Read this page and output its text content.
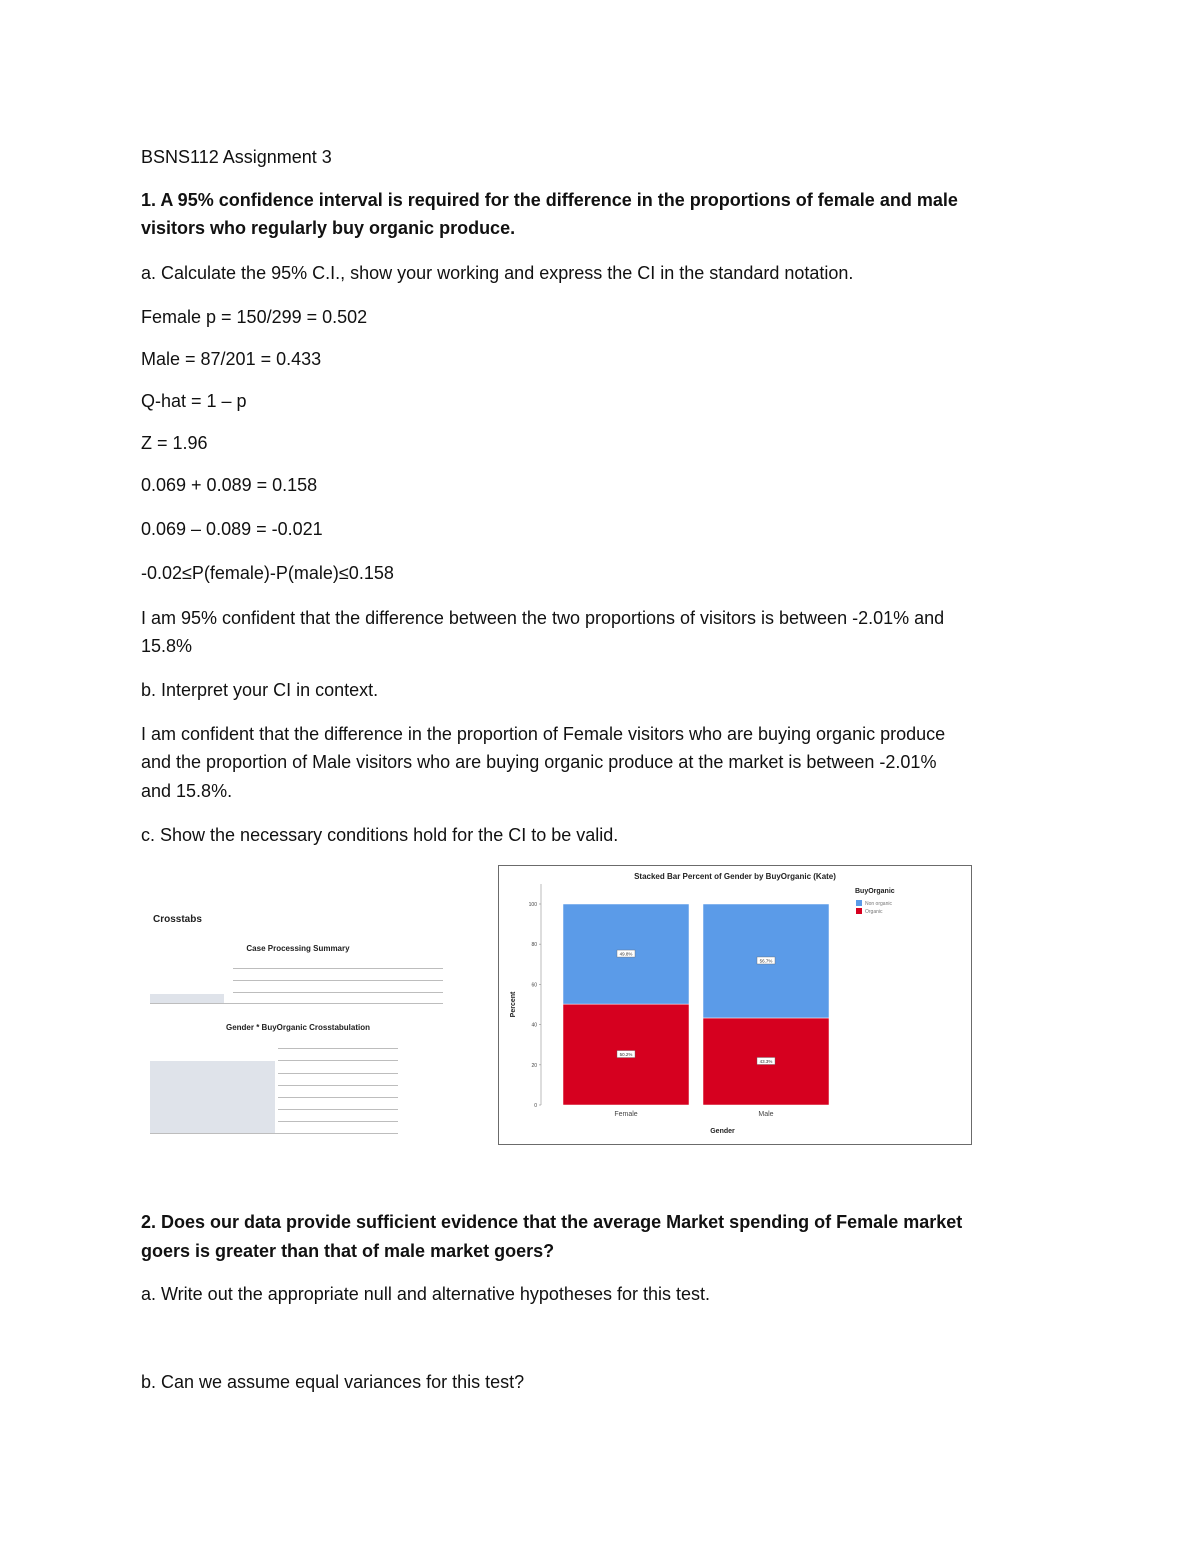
BSNS112 Assignment 3
1. A 95% confidence interval is required for the difference in the proportions of female and male
visitors who regularly buy organic produce.
a. Calculate the 95% C.I., show your working and express the CI in the standard notation.
Female p = 150/299 = 0.502
Male = 87/201 = 0.433
Q-hat = 1 – p
Z = 1.96
0.069 + 0.089 = 0.158
0.069 – 0.089 = -0.021
-0.02≤P(female)-P(male)≤0.158
I am 95% confident that the difference between the two proportions of visitors is between -2.01% and
15.8%
b. Interpret your CI in context.
I am confident that the difference in the proportion of Female visitors who are buying organic produce
and the proportion of Male visitors who are buying organic produce at the market is between -2.01%
and 15.8%.
c. Show the necessary conditions hold for the CI to be valid.
Crosstabs
Case Processing Summary
Gender * BuyOrganic Crosstabulation
Stacked Bar Percent of Gender by BuyOrganic (Kate)
0
20
40
60
80
100
Percent
50.2%
49.8%
Female
43.3%
56.7%
Male
Gender
BuyOrganic
Non organic
Organic
2. Does our data provide sufficient evidence that the average Market spending of Female market
goers is greater than that of male market goers?
a. Write out the appropriate null and alternative hypotheses for this test.
b. Can we assume equal variances for this test?
